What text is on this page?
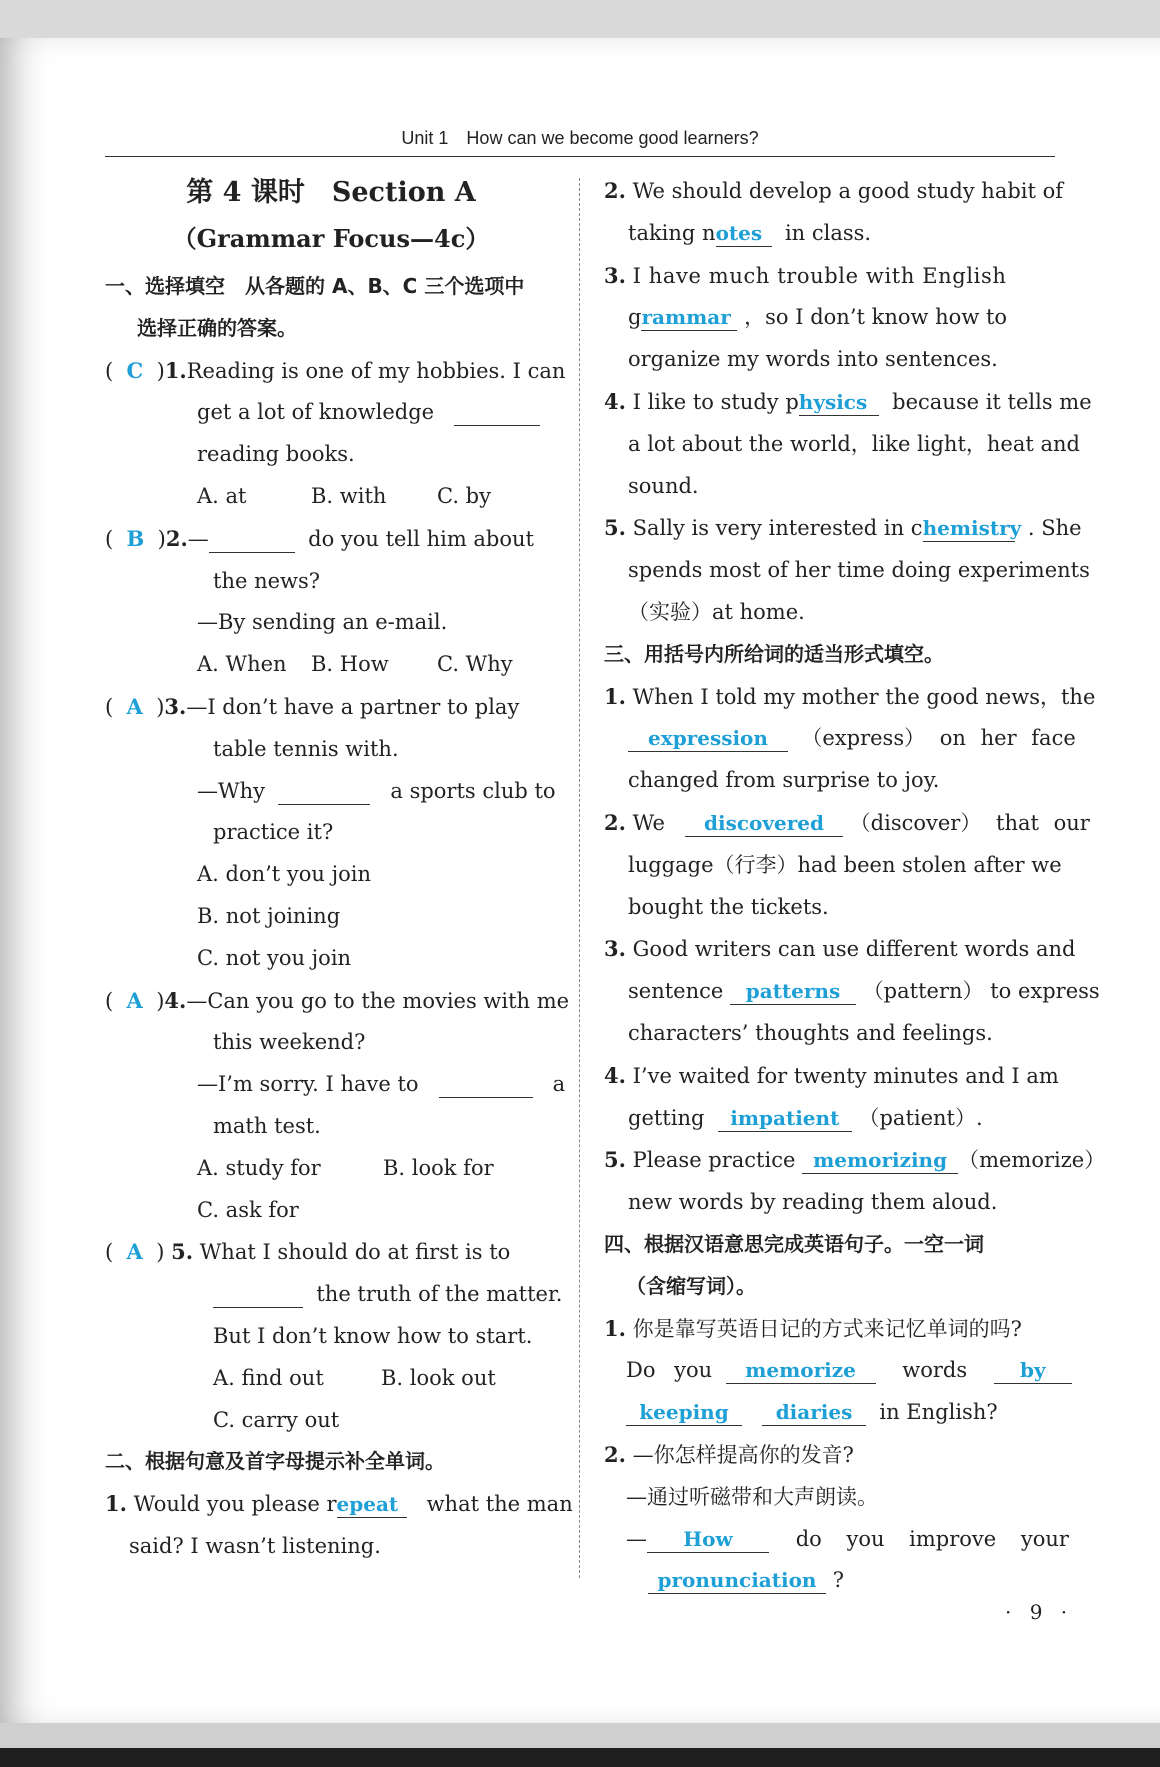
Unit 1 How can we become good learners?
第 4 课时 Section A
（Grammar Focus—4c）
一、选择填空　从各题的 A、B、C 三个选项中
选择正确的答案。
(  C  )1.Reading is one of my hobbies. I can
get a lot of knowledge
reading books.
A. at	B. with C. by
(  B  )2.—	do you tell him about
the news?
—By sending an e-mail.
A. When B. How C. Why
(  A  )3.—I don’t have a partner to play
table tennis with.
—Why	a sports club to
practice it?
A. don’t you join
B. not joining
C. not you join
(  A  )4.—Can you go to the movies with me
this weekend?
—I’m sorry. I have to	a
math test.
A. study for	B. look for
C. ask for
(  A  ) 5. What I should do at first is to
the truth of the matter.
But I don’t know how to start.
A. find out	B. look out
C. carry out
二、根据句意及首字母提示补全单词。
1. Would you please repeat what the man
said? I wasn’t listening.
2. We should develop a good study habit of
taking notes in class.
3. I have much trouble with English
grammar ，so I don’t know how to
organize my words into sentences.
4. I like to study physics because it tells me
a lot about the world，like light，heat and
sound.
5. Sally is very interested in chemistry . She
spends most of her time doing experiments
（实验）at home.
三、用括号内所给词的适当形式填空。
1. When I told my mother the good news，the
expression （express） on her face
changed from surprise to joy.
2. We discovered （discover） that our
luggage（行李）had been stolen after we
bought the tickets.
3. Good writers can use different words and
sentence patterns （pattern） to express
characters’ thoughts and feelings.
4. I’ve waited for twenty minutes and I am
getting impatient （patient）.
5. Please practice memorizing （memorize）
new words by reading them aloud.
四、根据汉语意思完成英语句子。一空一词
（含缩写词）。
1. 你是靠写英语日记的方式来记忆单词的吗?
Do you memorize words	by
keeping diaries in English?
2. —你怎样提高你的发音?
—通过听磁带和大声朗读。
— How	do you improve your
pronunciation ?
· 9 ·
